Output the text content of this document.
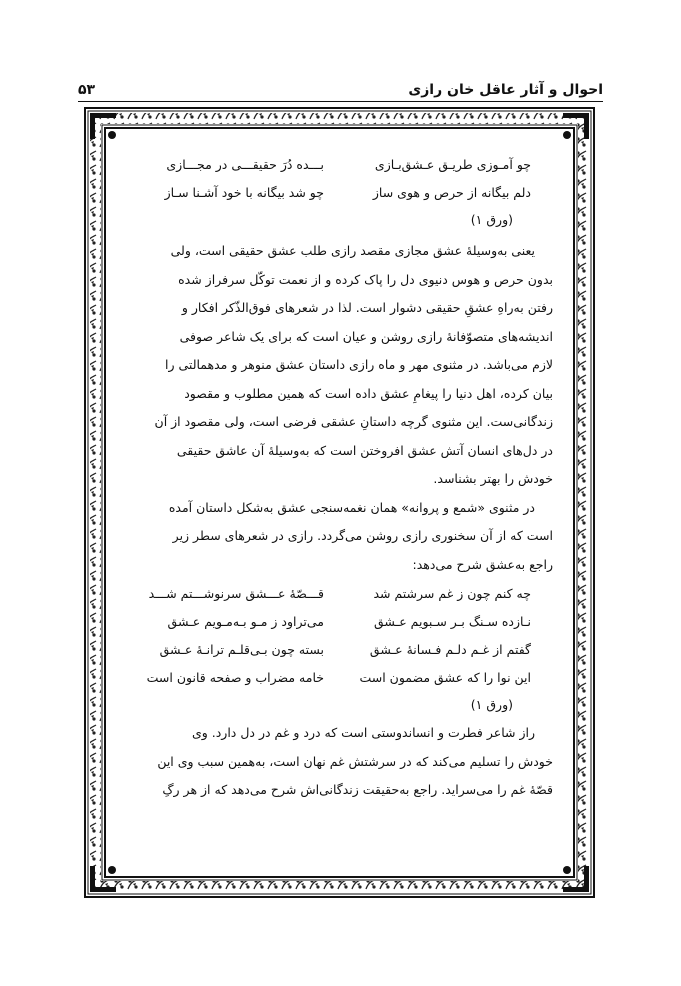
احوال و آثار عاقل خان رازی
۵۳
چو آمـوزی طریـق عـشق‌بـازی
بـــده دُرَ حقیقـــی در مجـــازی
دلم بیگانه از حرص و هوی ساز
چو شد بیگانه با خود آشـنا سـاز
(ورق ۱)

یعنی به‌وسیلهٔ عشق مجازی مقصد رازی طلب عشق حقیقی است، ولی

بدون حرص و هوس دنیوی دل را پاک کرده و از نعمت توکّل سرفراز شده

رفتن به‌راهِ عشقِ حقیقی دشوار است. لذا در شعرهای فوق‌الذّکر افکار و

اندیشه‌های متصوّفانهٔ رازی روشن و عیان است که برای یک شاعر صوفی

لازم می‌باشد. در مثنوی مهر و ماه رازی داستان عشق منوهر و مدهمالتی را

بیان کرده، اهل دنیا را پیغامِ عشق داده است که همین مطلوب و مقصود

زندگانی‌ست. این مثنوی گرچه داستانِ عشقی فرضی است، ولی مقصود از آن

در دل‌های انسان آتش عشق افروختن است که به‌وسیلهٔ آن عاشق حقیقی

خودش را بهتر بشناسد.

در مثنوی «شمع و پروانه» همان نغمه‌سنجی عشق به‌شکل داستان آمده

است که از آن سخنوری رازی روشن می‌گردد. رازی در شعرهای سطر زیر

راجع به‌عشق شرح می‌دهد:

چه کنم چون ز غم سرشتم شد
قـــصّهٔ عـــشق سرنوشـــتم شـــد
نـازده سـنگ بـر سـبویم عـشق
می‌تراود ز مـو بـه‌مـویم عـشق
گفتم از غـم دلـم فـسانهٔ عـشق
بسته چون بـی‌قلـم ترانـهٔ عـشق
این نوا را که عشق مضمون است
خامه مضراب و صفحه قانون است
(ورق ۱)

راز شاعر فطرت و انساندوستی است که درد و غم در دل دارد. وی

خودش را تسلیم می‌کند که در سرشتش غم نهان است، به‌همین سبب وی این

قصّهٔ غم را می‌سراید. راجع به‌حقیقت زندگانی‌اش شرح می‌دهد که از هر رگِ
